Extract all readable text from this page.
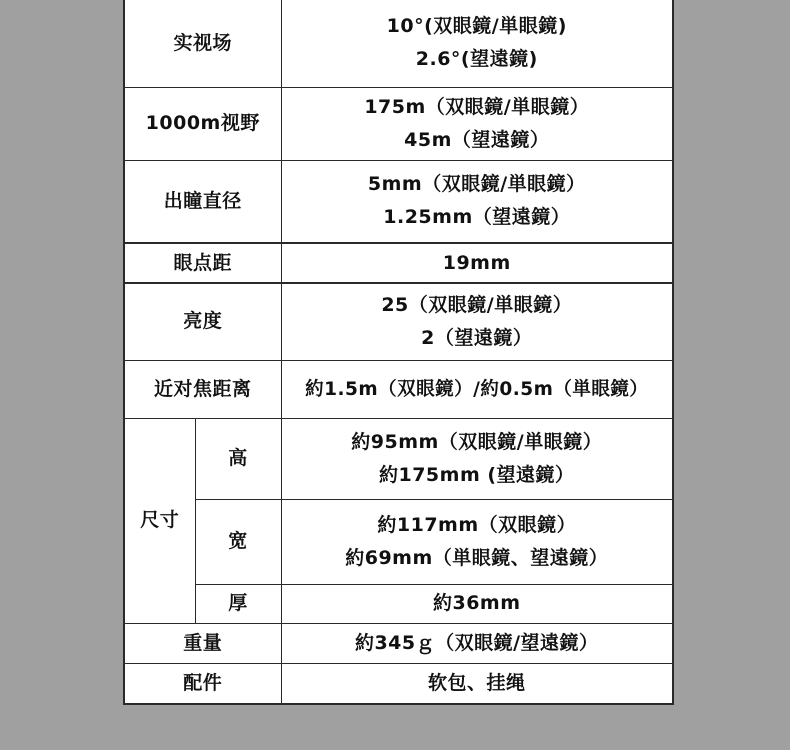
实视场		10°(双眼鏡/単眼鏡)
2.6°(望遠鏡)

1000m视野		175m（双眼鏡/単眼鏡）
45m（望遠鏡）

出瞳直径		5mm（双眼鏡/単眼鏡）
1.25mm（望遠鏡）

眼点距		19mm
亮度		25（双眼鏡/単眼鏡）
2（望遠鏡）

近对焦距离		約1.5m（双眼鏡）/約0.5m（単眼鏡）
尺寸	高	約95mm（双眼鏡/単眼鏡）
約175mm (望遠鏡）

	宽	約117mm（双眼鏡）
約69mm（単眼鏡、望遠鏡）

	厚	約36mm
重量		約345ｇ（双眼鏡/望遠鏡）
配件		软包、挂绳
